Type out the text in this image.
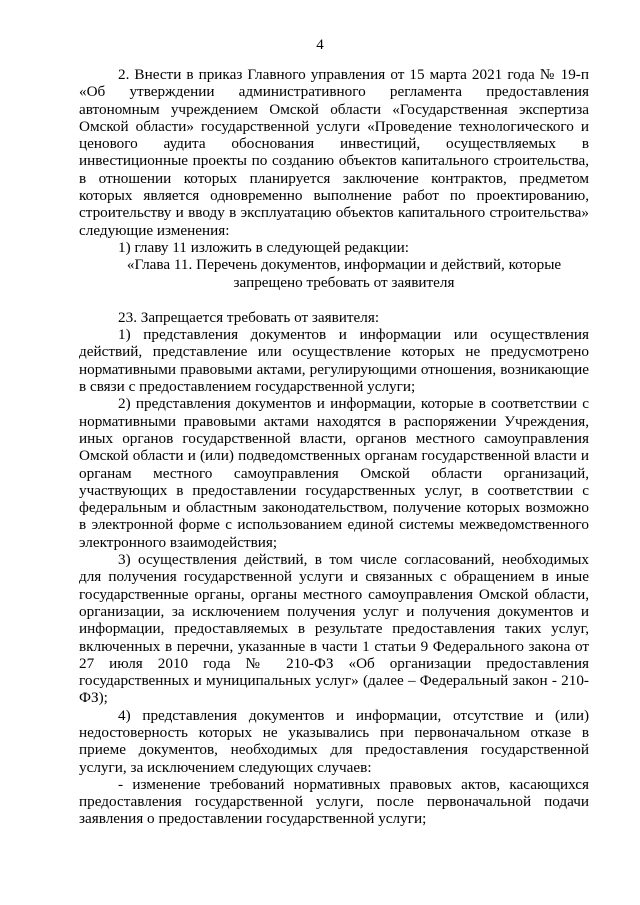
4

2. Внести в приказ Главного управления от 15 марта 2021 года № 19-п «Об утверждении административного регламента предоставления автономным учреждением Омской области «Государственная экспертиза Омской области» государственной услуги «Проведение технологического и ценового аудита обоснования инвестиций, осуществляемых в инвестиционные проекты по созданию объектов капитального строительства, в отношении которых планируется заключение контрактов, предметом которых является одновременно выполнение работ по проектированию, строительству и вводу в эксплуатацию объектов капитального строительства» следующие изменения:

1) главу 11 изложить в следующей редакции:

«Глава 11. Перечень документов, информации и действий, которые

запрещено требовать от заявителя

23. Запрещается требовать от заявителя:

1) представления документов и информации или осуществления действий, представление или осуществление которых не предусмотрено нормативными правовыми актами, регулирующими отношения, возникающие в связи с предоставлением государственной услуги;

2) представления документов и информации, которые в соответствии с нормативными правовыми актами находятся в распоряжении Учреждения, иных органов государственной власти, органов местного самоуправления Омской области и (или) подведомственных органам государственной власти и органам местного самоуправления Омской области организаций, участвующих в предоставлении государственных услуг, в соответствии с федеральным и областным законодательством, получение которых возможно в электронной форме с использованием единой системы межведомственного электронного взаимодействия;

3) осуществления действий, в том числе согласований, необходимых для получения государственной услуги и связанных с обращением в иные государственные органы, органы местного самоуправления Омской области, организации, за исключением получения услуг и получения документов и информации, предоставляемых в результате предоставления таких услуг, включенных в перечни, указанные в части 1 статьи 9 Федерального закона от 27 июля 2010 года № 210-ФЗ «Об организации предоставления государственных и муниципальных услуг» (далее – Федеральный закон - 210-ФЗ);

4) представления документов и информации, отсутствие и (или) недостоверность которых не указывались при первоначальном отказе в приеме документов, необходимых для предоставления государственной услуги, за исключением следующих случаев:

- изменение требований нормативных правовых актов, касающихся предоставления государственной услуги, после первоначальной подачи заявления о предоставлении государственной услуги;
